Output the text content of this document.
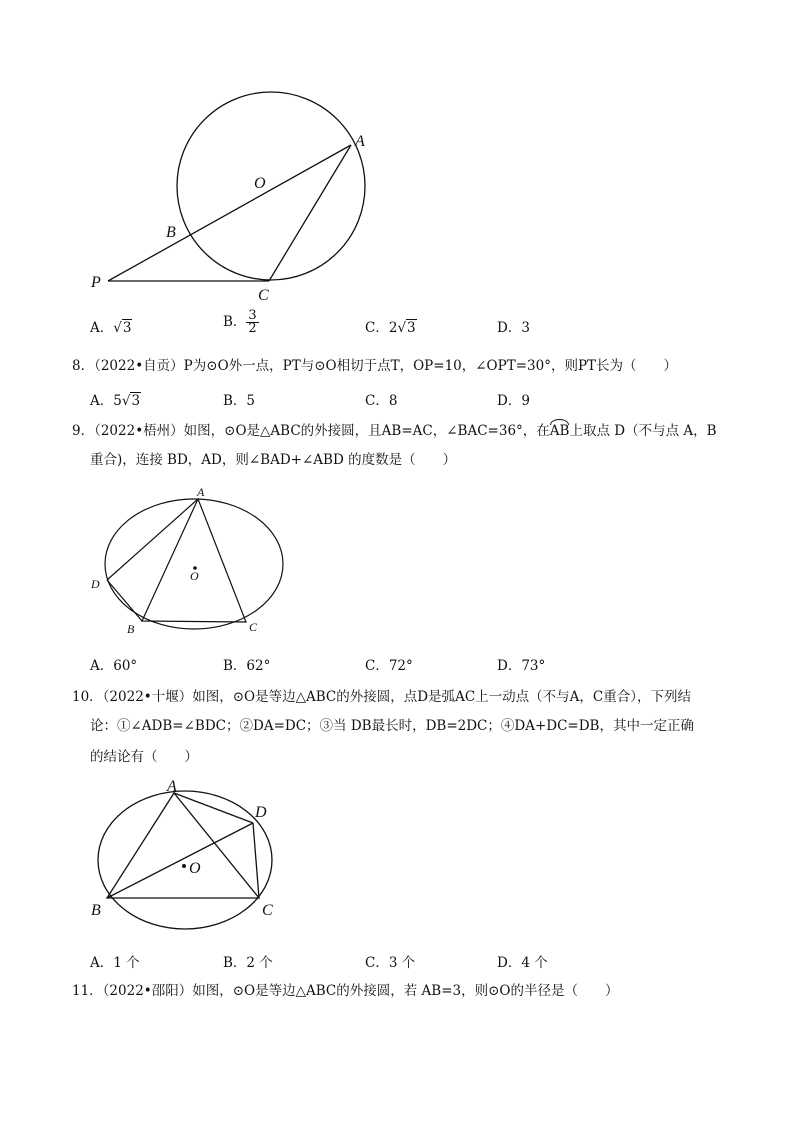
A
O
B
P
C
A．√3	B． $\frac{3}{2}$	C．2√3	D．3
8．（2022•自贡）P为⊙O外一点，PT与⊙O相切于点T，OP=10，∠OPT=30°，则PT长为（　　）
A．5√3	B．5	C．8	D．9
9．（2022•梧州）如图，⊙O是△ABC的外接圆，且AB=AC，∠BAC=36°，在AB上取点 D（不与点 A，B
重合)，连接 BD，AD，则∠BAD+∠ABD 的度数是（　　）
A
D
O
B	C
A．60°	B．62°	C．72°	D．73°
10．（2022•十堰）如图，⊙O是等边△ABC的外接圆，点D是弧AC上一动点（不与A，C重合），下列结
论：①∠ADB=∠BDC；②DA=DC；③当 DB最长时，DB=2DC；④DA+DC=DB，其中一定正确
的结论有（　　）
A
D
O
B	C
A．1 个	B．2 个	C．3 个	D．4 个
11．（2022•邵阳）如图，⊙O是等边△ABC的外接圆，若 AB=3，则⊙O的半径是（　　）
